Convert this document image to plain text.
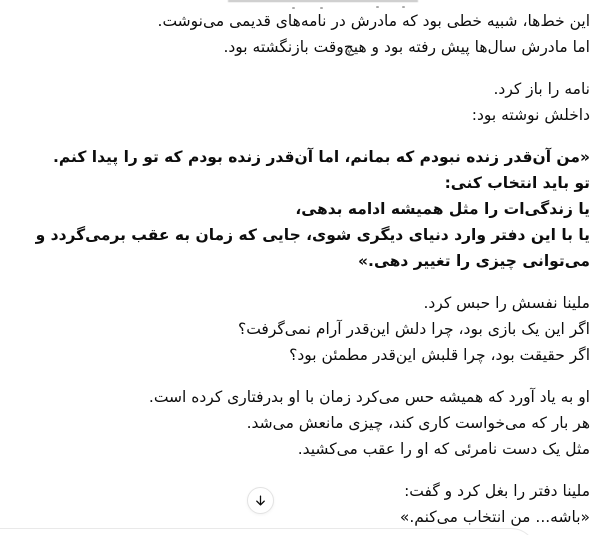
این خط‌ها، شبیه خطی بود که مادرش در نامه‌های قدیمی می‌نوشت.
اما مادرش سال‌ها پیش رفته بود و هیچ‌وقت بازنگشته بود.
نامه را باز کرد.
داخلش نوشته بود:
«من آن‌قدر زنده نبودم که بمانم، اما آن‌قدر زنده بودم که تو را پیدا کنم.
تو باید انتخاب کنی:
یا زندگی‌ات را مثل همیشه ادامه بدهی،
یا با این دفتر وارد دنیای دیگری شوی، جایی که زمان به عقب برمی‌گردد و می‌توانی چیزی را تغییر دهی.»
ملینا نفسش را حبس کرد.
اگر این یک بازی بود، چرا دلش این‌قدر آرام نمی‌گرفت؟
اگر حقیقت بود، چرا قلبش این‌قدر مطمئن بود؟
او به یاد آورد که همیشه حس می‌کرد زمان با او بدرفتاری کرده است.
هر بار که می‌خواست کاری کند، چیزی مانعش می‌شد.
مثل یک دست نامرئی که او را عقب می‌کشید.
ملینا دفتر را بغل کرد و گفت:
«باشه... من انتخاب می‌کنم.»
